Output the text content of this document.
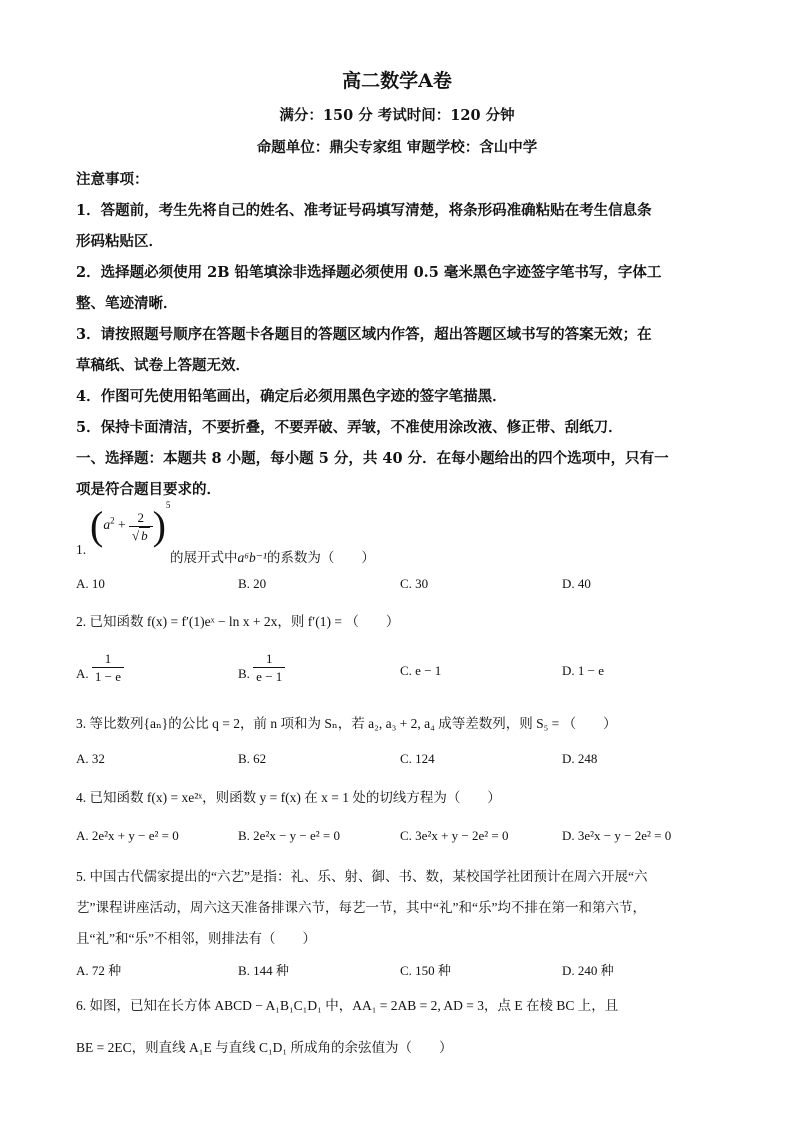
高二数学A卷
满分：150 分 考试时间：120 分钟
命题单位：鼎尖专家组 审题学校：含山中学
注意事项：
1．答题前，考生先将自己的姓名、准考证号码填写清楚，将条形码准确粘贴在考生信息条
形码粘贴区．
2．选择题必须使用 2B 铅笔填涂非选择题必须使用 0.5 毫米黑色字迹签字笔书写，字体工
整、笔迹清晰．
3．请按照题号顺序在答题卡各题目的答题区域内作答，超出答题区域书写的答案无效；在
草稿纸、试卷上答题无效．
4．作图可先使用铅笔画出，确定后必须用黑色字迹的签字笔描黑．
5．保持卡面清洁，不要折叠，不要弄破、弄皱，不准使用涂改液、修正带、刮纸刀．
一、选择题：本题共 8 小题，每小题 5 分，共 40 分．在每小题给出的四个选项中，只有一
项是符合题目要求的．
1.
$(a^2 + \frac{2}{√ b} )^5$
的展开式中a⁶b⁻¹的系数为（　　）
A. 10	B. 20	C. 30	D. 40
2. 已知函数 f(x) = f′(1)eˣ − ln x + 2x，则 f′(1) = （　　）
A. $\frac{1}{1 - e}$	B. $\frac{1}{e - 1}$	C. e − 1	D. 1 − e
3. 等比数列{aₙ}的公比 q = 2，前 n 项和为 Sₙ，若 a₂, a₃ + 2, a₄ 成等差数列，则 S₅ = （　　）
A. 32	B. 62	C. 124	D. 248
4. 已知函数 f(x) = xe²ˣ，则函数 y = f(x) 在 x = 1 处的切线方程为（　　）
A. 2e²x + y − e² = 0	B. 2e²x − y − e² = 0	C. 3e²x + y − 2e² = 0	D. 3e²x − y − 2e² = 0
5. 中国古代儒家提出的“六艺”是指：礼、乐、射、御、书、数，某校国学社团预计在周六开展“六
艺”课程讲座活动，周六这天准备排课六节，每艺一节，其中“礼”和“乐”均不排在第一和第六节，
且“礼”和“乐”不相邻，则排法有（　　）
A. 72 种	B. 144 种	C. 150 种	D. 240 种
6. 如图，已知在长方体 ABCD − A₁B₁C₁D₁ 中，AA₁ = 2AB = 2, AD = 3，点 E 在棱 BC 上，且
BE = 2EC，则直线 A₁E 与直线 C₁D₁ 所成角的余弦值为（　　）
